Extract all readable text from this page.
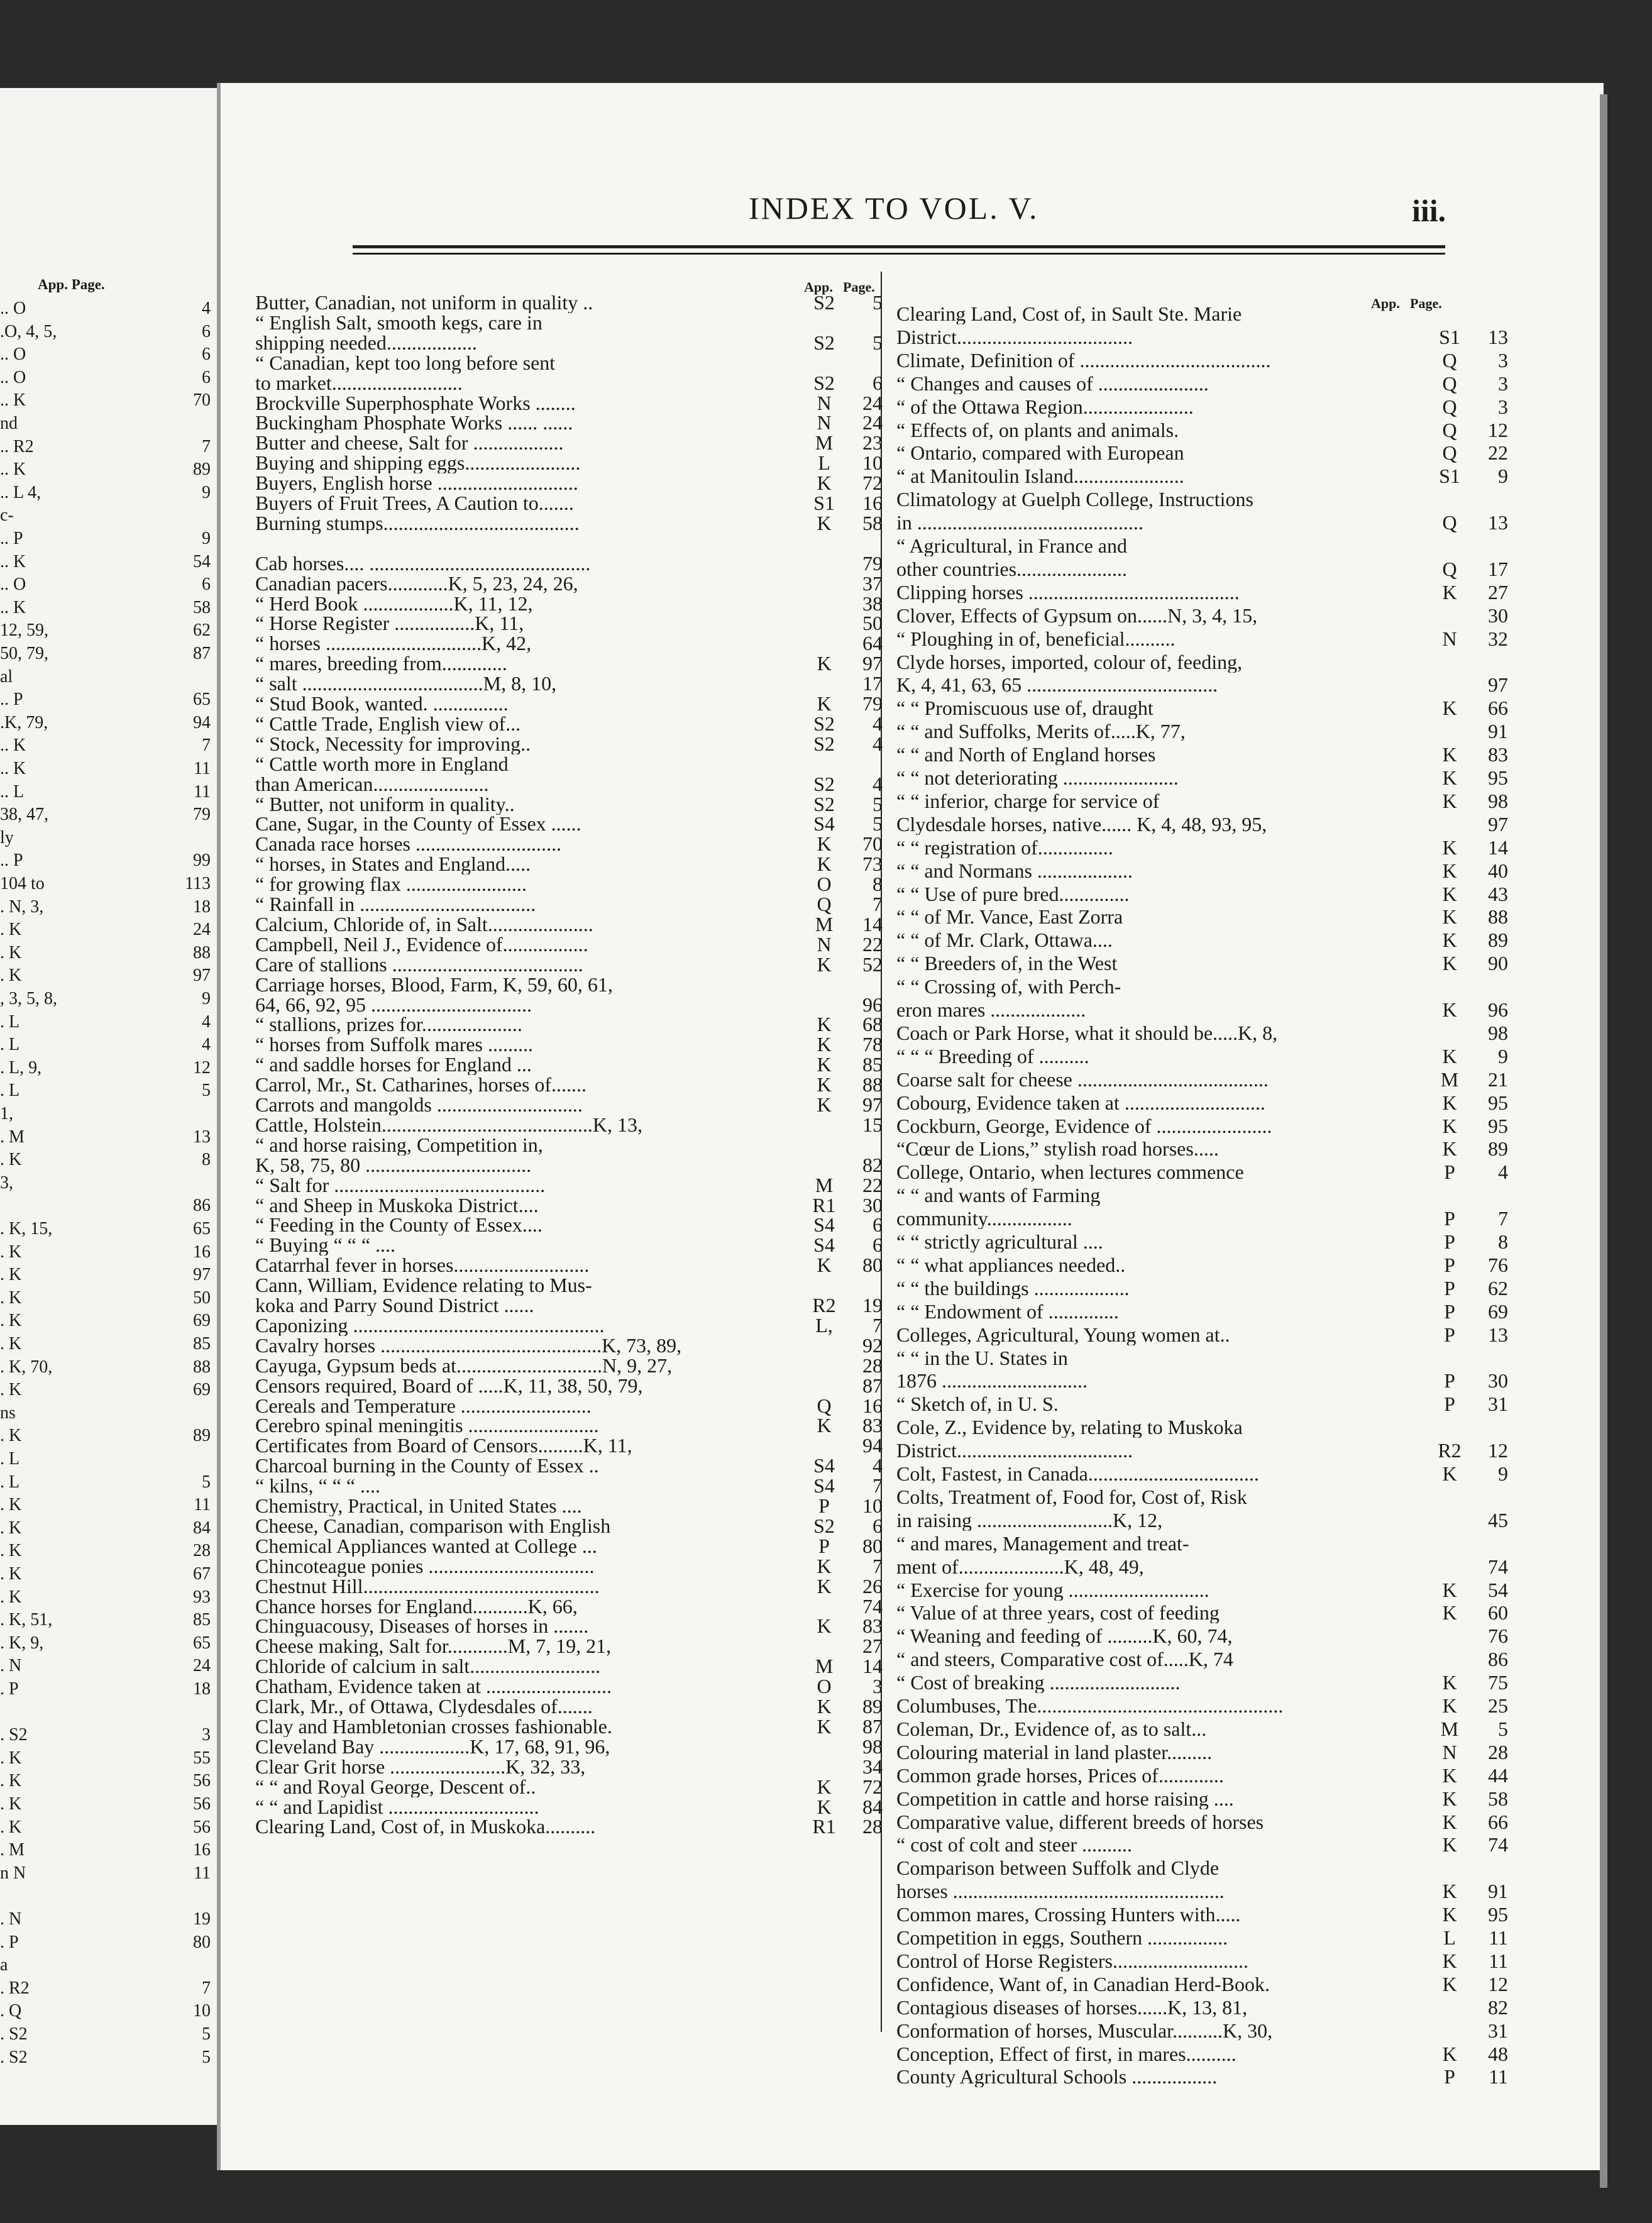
App. Page.
.. O	4
.O, 4, 5,	6
.. O	6
.. O	6
.. K	70
nd
.. R2	7
.. K	89
.. L 4,	9
c-
.. P	9
.. K	54
.. O	6
.. K	58
12, 59,	62
50, 79,	87
al
.. P	65
.K, 79,	94
.. K	7
.. K	11
.. L	11
38, 47,	79
ly
.. P	99
104 to	113
. N, 3,	18
. K	24
. K	88
. K	97
, 3, 5, 8,	9
. L	4
. L	4
. L, 9,	12
. L	5
1,
. M	13
. K	8
3,
86
. K, 15,	65
. K	16
. K	97
. K	50
. K	69
. K	85
. K, 70,	88
. K	69
ns
. K	89
. L
. L	5
. K	11
. K	84
. K	28
. K	67
. K	93
. K, 51,	85
. K, 9,	65
. N	24
. P	18
. S2	3
. K	55
. K	56
. K	56
. K	56
. M	16
n N	11
. N	19
. P	80
a
. R2	7
. Q	10
. S2	5
. S2	5
INDEX TO VOL. V.	iii.
App. Page.
App. Page.
Butter, Canadian, not uniform in quality ..	S2	5
“ English Salt, smooth kegs, care in
shipping needed..................	S2	5
“ Canadian, kept too long before sent
to market..........................	S2	6
Brockville Superphosphate Works ........	N	24
Buckingham Phosphate Works ...... ......	N	24
Butter and cheese, Salt for ..................	M	23
Buying and shipping eggs.......................	L	10
Buyers, English horse ............................	K	72
Buyers of Fruit Trees, A Caution to.......	S1	16
Burning stumps.......................................	K	58
Cab horses.... ............................................	79
Canadian pacers............K, 5, 23, 24, 26,	37
“ Herd Book ..................K, 11, 12,	38
“ Horse Register ................K, 11,	50
“ horses ...............................K, 42,	64
“ mares, breeding from.............	K	97
“ salt ....................................M, 8, 10,	17
“ Stud Book, wanted. ...............	K	79
“ Cattle Trade, English view of...	S2	4
“ Stock, Necessity for improving..	S2	4
“ Cattle worth more in England
than American.......................	S2	4
“ Butter, not uniform in quality..	S2	5
Cane, Sugar, in the County of Essex ......	S4	5
Canada race horses .............................	K	70
“ horses, in States and England.....	K	73
“ for growing flax ........................	O	8
“ Rainfall in ...................................	Q	7
Calcium, Chloride of, in Salt.....................	M	14
Campbell, Neil J., Evidence of.................	N	22
Care of stallions ......................................	K	52
Carriage horses, Blood, Farm, K, 59, 60, 61,
64, 66, 92, 95 ................................	96
“ stallions, prizes for....................	K	68
“ horses from Suffolk mares .........	K	78
“ and saddle horses for England ...	K	85
Carrol, Mr., St. Catharines, horses of.......	K	88
Carrots and mangolds .............................	K	97
Cattle, Holstein..........................................K, 13,	15
“ and horse raising, Competition in,
K, 58, 75, 80 .................................	82
“ Salt for ..........................................	M	22
“ and Sheep in Muskoka District....	R1	30
“ Feeding in the County of Essex....	S4	6
“ Buying “ “ “ ....	S4	6
Catarrhal fever in horses...........................	K	80
Cann, William, Evidence relating to Mus-
koka and Parry Sound District ......	R2	19
Caponizing ..................................................	L,	7
Cavalry horses ............................................K, 73, 89,	92
Cayuga, Gypsum beds at.............................N, 9, 27,	28
Censors required, Board of .....K, 11, 38, 50, 79,	87
Cereals and Temperature ..........................	Q	16
Cerebro spinal meningitis ..........................	K	83
Certificates from Board of Censors.........K, 11,	94
Charcoal burning in the County of Essex ..	S4	4
“ kilns, “ “ “ ....	S4	7
Chemistry, Practical, in United States ....	P	10
Cheese, Canadian, comparison with English	S2	6
Chemical Appliances wanted at College ...	P	80
Chincoteague ponies .................................	K	7
Chestnut Hill...............................................	K	26
Chance horses for England...........K, 66,	74
Chinguacousy, Diseases of horses in .......	K	83
Cheese making, Salt for............M, 7, 19, 21,	27
Chloride of calcium in salt..........................	M	14
Chatham, Evidence taken at .........................	O	3
Clark, Mr., of Ottawa, Clydesdales of.......	K	89
Clay and Hambletonian crosses fashionable.	K	87
Cleveland Bay ..................K, 17, 68, 91, 96,	98
Clear Grit horse .......................K, 32, 33,	34
“ “ and Royal George, Descent of..	K	72
“ “ and Lapidist ..............................	K	84
Clearing Land, Cost of, in Muskoka..........	R1	28
Clearing Land, Cost of, in Sault Ste. Marie
District...................................	S1	13
Climate, Definition of ......................................	Q	3
“ Changes and causes of ......................	Q	3
“ of the Ottawa Region......................	Q	3
“ Effects of, on plants and animals.	Q	12
“ Ontario, compared with European	Q	22
“ at Manitoulin Island......................	S1	9
Climatology at Guelph College, Instructions
in .............................................	Q	13
“ Agricultural, in France and
other countries......................	Q	17
Clipping horses ..........................................	K	27
Clover, Effects of Gypsum on......N, 3, 4, 15,	30
“ Ploughing in of, beneficial..........	N	32
Clyde horses, imported, colour of, feeding,
K, 4, 41, 63, 65 ......................................	97
“ “ Promiscuous use of, draught	K	66
“ “ and Suffolks, Merits of.....K, 77,	91
“ “ and North of England horses	K	83
“ “ not deteriorating .......................	K	95
“ “ inferior, charge for service of	K	98
Clydesdale horses, native...... K, 4, 48, 93, 95,	97
“ “ registration of...............	K	14
“ “ and Normans ...................	K	40
“ “ Use of pure bred..............	K	43
“ “ of Mr. Vance, East Zorra	K	88
“ “ of Mr. Clark, Ottawa....	K	89
“ “ Breeders of, in the West	K	90
“ “ Crossing of, with Perch-
eron mares ...................	K	96
Coach or Park Horse, what it should be.....K, 8,	98
“ “ “ Breeding of ..........	K	9
Coarse salt for cheese ......................................	M	21
Cobourg, Evidence taken at ............................	K	95
Cockburn, George, Evidence of .......................	K	95
“Cœur de Lions,” stylish road horses.....	K	89
College, Ontario, when lectures commence	P	4
“ “ and wants of Farming
community.................	P	7
“ “ strictly agricultural ....	P	8
“ “ what appliances needed..	P	76
“ “ the buildings ...................	P	62
“ “ Endowment of ..............	P	69
Colleges, Agricultural, Young women at..	P	13
“ “ in the U. States in
1876 .............................	P	30
“ Sketch of, in U. S.	P	31
Cole, Z., Evidence by, relating to Muskoka
District...................................	R2	12
Colt, Fastest, in Canada..................................	K	9
Colts, Treatment of, Food for, Cost of, Risk
in raising ...........................K, 12,	45
“ and mares, Management and treat-
ment of.....................K, 48, 49,	74
“ Exercise for young ............................	K	54
“ Value of at three years, cost of feeding	K	60
“ Weaning and feeding of .........K, 60, 74,	76
“ and steers, Comparative cost of.....K, 74	86
“ Cost of breaking ..........................	K	75
Columbuses, The.................................................	K	25
Coleman, Dr., Evidence of, as to salt...	M	5
Colouring material in land plaster.........	N	28
Common grade horses, Prices of.............	K	44
Competition in cattle and horse raising ....	K	58
Comparative value, different breeds of horses	K	66
“ cost of colt and steer ..........	K	74
Comparison between Suffolk and Clyde
horses ......................................................	K	91
Common mares, Crossing Hunters with.....	K	95
Competition in eggs, Southern ................	L	11
Control of Horse Registers...........................	K	11
Confidence, Want of, in Canadian Herd-Book.	K	12
Contagious diseases of horses......K, 13, 81,	82
Conformation of horses, Muscular..........K, 30,	31
Conception, Effect of first, in mares..........	K	48
County Agricultural Schools .................	P	11
